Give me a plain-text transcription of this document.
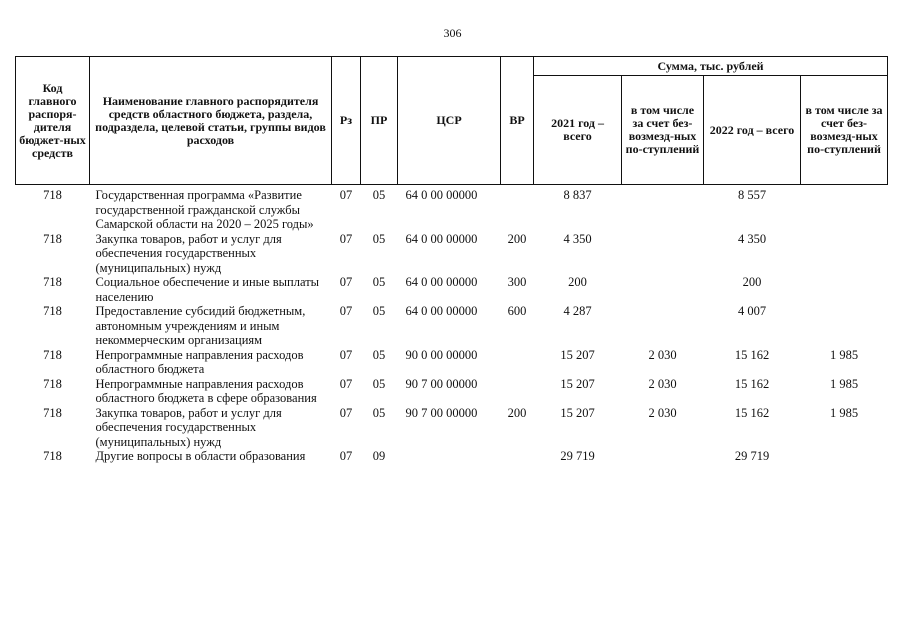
306
Код главного распоря-дителя бюджет-ных средств	Наименование главного распорядителя средств областного бюджета, раздела, подраздела, целевой статьи, группы видов расходов	Рз	ПР	ЦСР	ВР	Сумма, тыс. рублей			
						2021 год – всего	в том числе за счет без-возмезд-ных по-ступлений	2022 год – всего	в том числе за счет без-возмезд-ных по-ступлений
718	Государственная программа «Развитие государственной гражданской службы Самарской области на 2020 – 2025 годы»	07	05	64 0 00 00000		8 837		8 557	
718	Закупка товаров, работ и услуг для обеспечения государственных (муниципальных) нужд	07	05	64 0 00 00000	200	4 350		4 350	
718	Социальное обеспечение и иные выплаты населению	07	05	64 0 00 00000	300	200		200	
718	Предоставление субсидий бюджетным, автономным учреждениям и иным некоммерческим организациям	07	05	64 0 00 00000	600	4 287		4 007	
718	Непрограммные направления расходов областного бюджета	07	05	90 0 00 00000		15 207	2 030	15 162	1 985
718	Непрограммные направления расходов областного бюджета в сфере образования	07	05	90 7 00 00000		15 207	2 030	15 162	1 985
718	Закупка товаров, работ и услуг для обеспечения государственных (муниципальных) нужд	07	05	90 7 00 00000	200	15 207	2 030	15 162	1 985
718	Другие вопросы в области образования	07	09			29 719		29 719	
